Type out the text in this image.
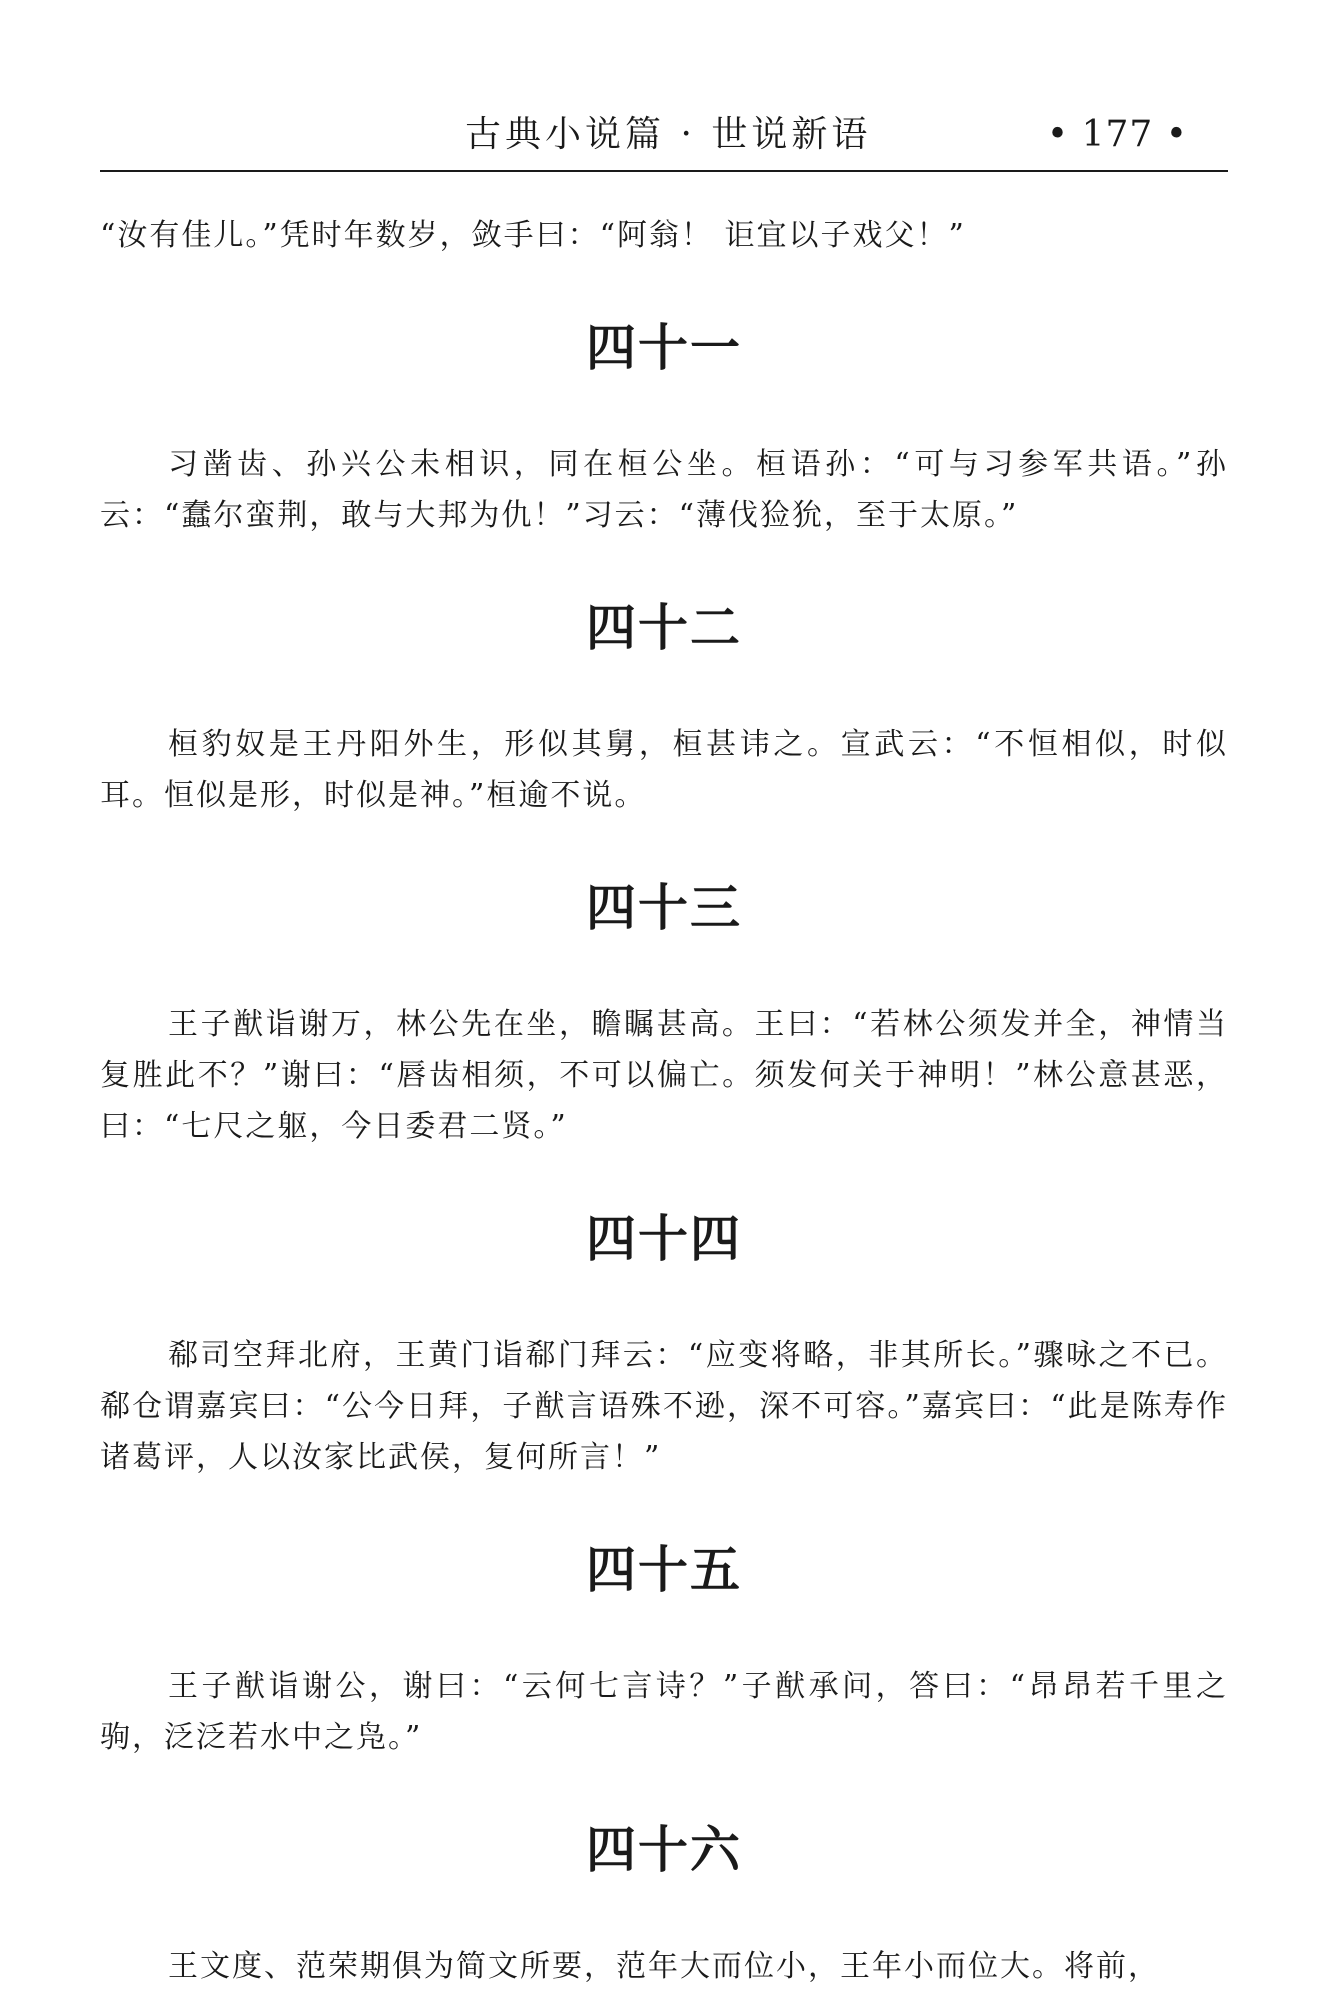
古典小说篇 · 世说新语	• 177 •

“汝有佳儿。”凭时年数岁，敛手曰：“阿翁！ 讵宜以子戏父！”

四十一

习凿齿、孙兴公未相识，同在桓公坐。桓语孙：“可与习参军共语。”孙云：“蠢尔蛮荆，敢与大邦为仇！”习云：“薄伐猃狁，至于太原。”

四十二

桓豹奴是王丹阳外生，形似其舅，桓甚讳之。宣武云：“不恒相似，时似耳。恒似是形，时似是神。”桓逾不说。

四十三

王子猷诣谢万，林公先在坐，瞻瞩甚高。王曰：“若林公须发并全，神情当复胜此不？”谢曰：“唇齿相须，不可以偏亡。须发何关于神明！”林公意甚恶，曰：“七尺之躯，今日委君二贤。”

四十四

郗司空拜北府，王黄门诣郗门拜云：“应变将略，非其所长。”骤咏之不已。郗仓谓嘉宾曰：“公今日拜，子猷言语殊不逊，深不可容。”嘉宾曰：“此是陈寿作诸葛评，人以汝家比武侯，复何所言！”

四十五

王子猷诣谢公，谢曰：“云何七言诗？”子猷承问，答曰：“昂昂若千里之驹，泛泛若水中之凫。”

四十六

王文度、范荣期俱为简文所要，范年大而位小，王年小而位大。将前，
